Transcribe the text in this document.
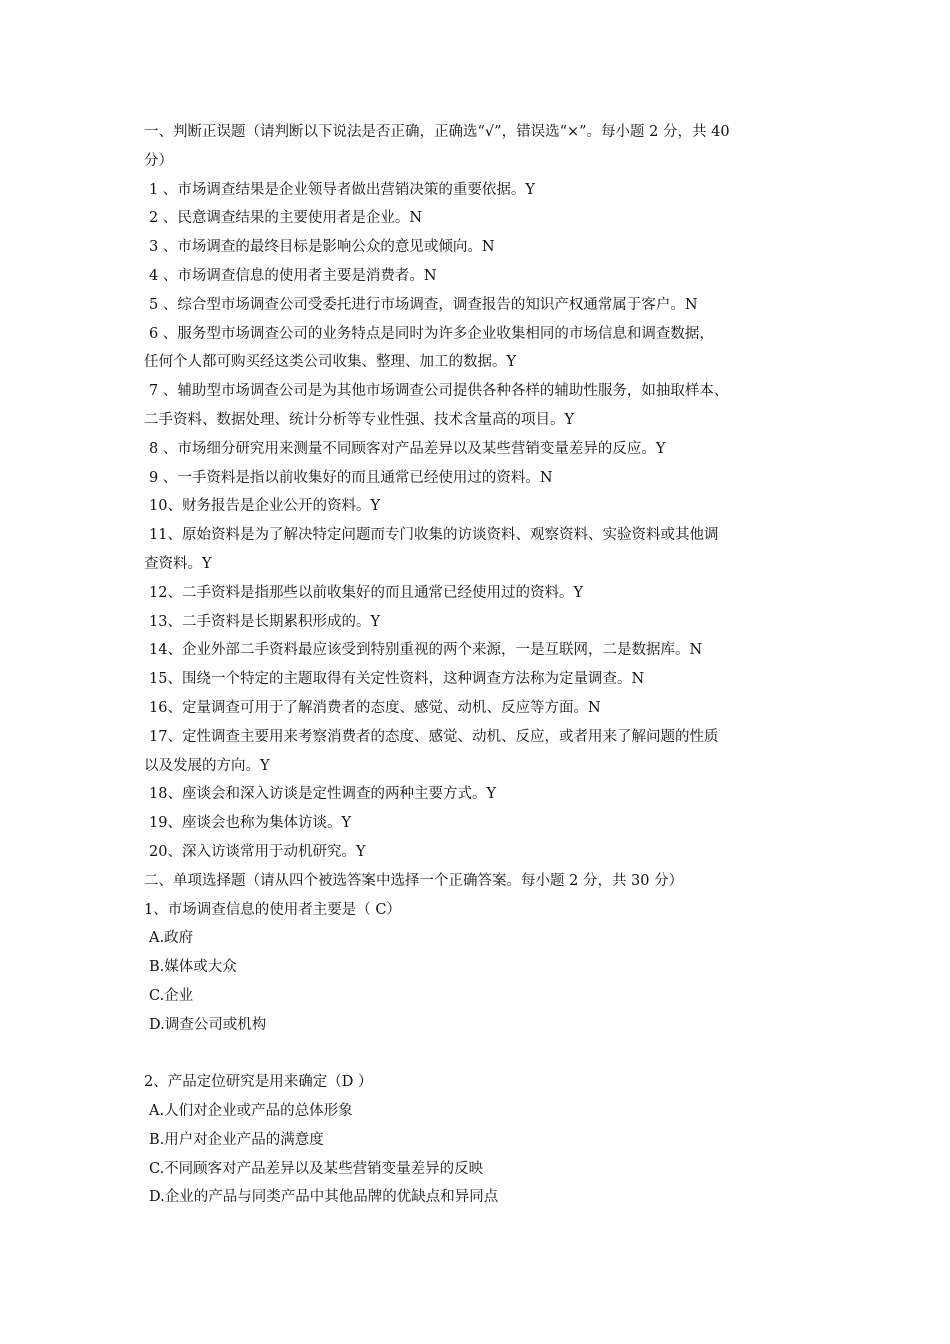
一、判断正误题（请判断以下说法是否正确，正确选“√”，错误选“×”。每小题 2 分，共 40
分）
1 、市场调查结果是企业领导者做出营销决策的重要依据。Y
2 、民意调查结果的主要使用者是企业。N
3 、市场调查的最终目标是影响公众的意见或倾向。N
4 、市场调查信息的使用者主要是消费者。N
5 、综合型市场调查公司受委托进行市场调查，调查报告的知识产权通常属于客户。N
6 、服务型市场调查公司的业务特点是同时为许多企业收集相同的市场信息和调查数据，
任何个人都可购买经这类公司收集、整理、加工的数据。Y
7 、辅助型市场调查公司是为其他市场调查公司提供各种各样的辅助性服务，如抽取样本、
二手资料、数据处理、统计分析等专业性强、技术含量高的项目。Y
8 、市场细分研究用来测量不同顾客对产品差异以及某些营销变量差异的反应。Y
9 、一手资料是指以前收集好的而且通常已经使用过的资料。N
10、财务报告是企业公开的资料。Y
11、原始资料是为了解决特定问题而专门收集的访谈资料、观察资料、实验资料或其他调
查资料。Y
12、二手资料是指那些以前收集好的而且通常已经使用过的资料。Y
13、二手资料是长期累积形成的。Y
14、企业外部二手资料最应该受到特别重视的两个来源，一是互联网，二是数据库。N
15、围绕一个特定的主题取得有关定性资料，这种调查方法称为定量调查。N
16、定量调查可用于了解消费者的态度、感觉、动机、反应等方面。N
17、定性调查主要用来考察消费者的态度、感觉、动机、反应，或者用来了解问题的性质
以及发展的方向。Y
18、座谈会和深入访谈是定性调查的两种主要方式。Y
19、座谈会也称为集体访谈。Y
20、深入访谈常用于动机研究。Y
二、单项选择题（请从四个被选答案中选择一个正确答案。每小题 2 分，共 30 分）
1、市场调查信息的使用者主要是（ C）
A.政府
B.媒体或大众
C.企业
D.调查公司或机构
2、产品定位研究是用来确定（D ）
A.人们对企业或产品的总体形象
B.用户对企业产品的满意度
C.不同顾客对产品差异以及某些营销变量差异的反映
D.企业的产品与同类产品中其他品牌的优缺点和异同点
